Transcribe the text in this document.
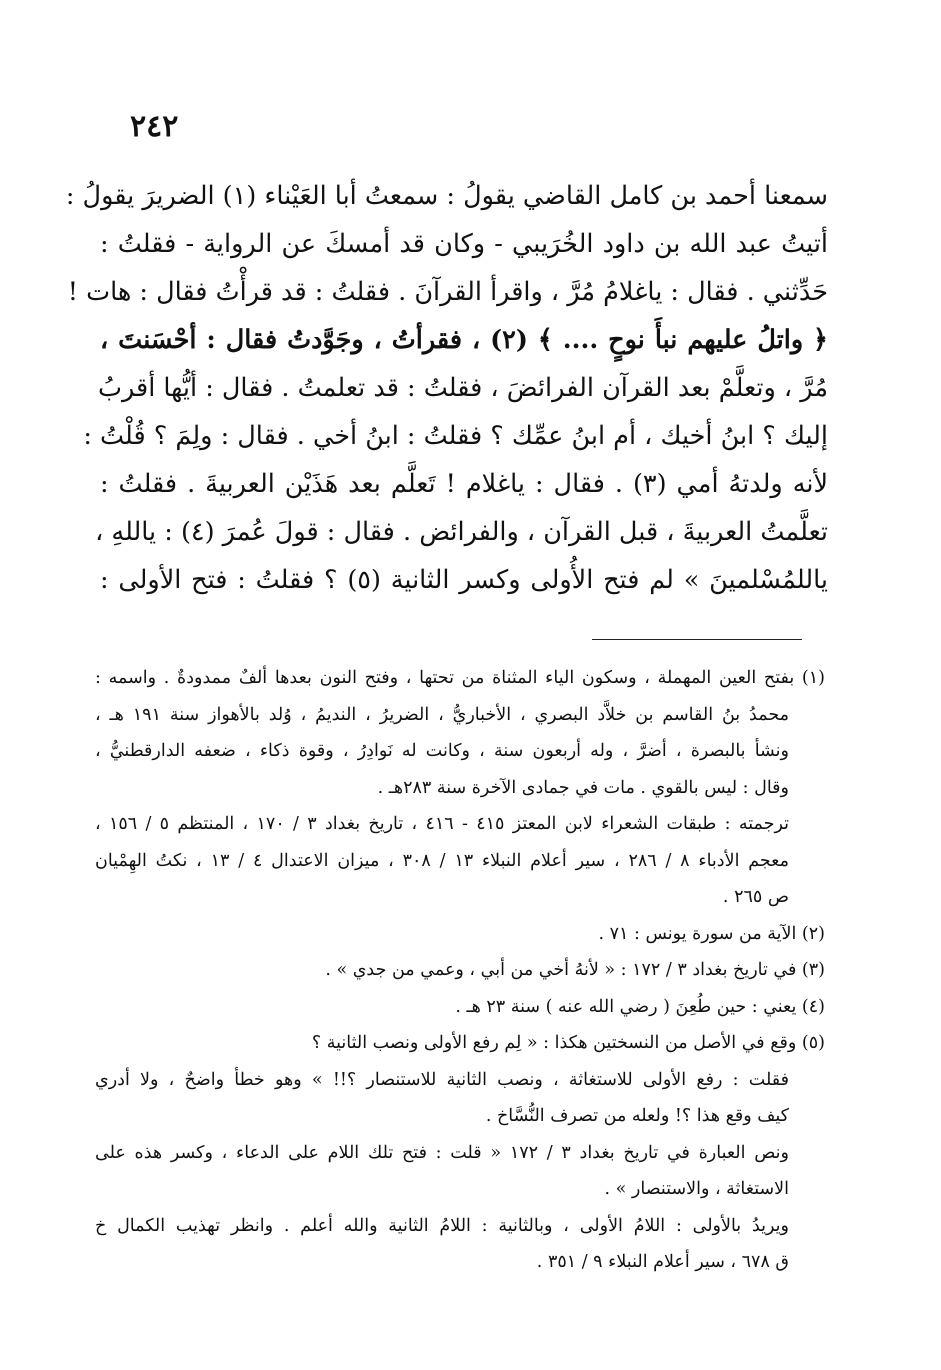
٢٤٢
سمعنا أحمد بن كامل القاضي يقولُ : سمعتُ أبا العَيْناء (١) الضريرَ يقولُ :
أتيتُ عبد الله بن داود الخُرَيبي - وكان قد أمسكَ عن الرواية - فقلتُ :
حَدِّثني . فقال : ياغلامُ مُرَّ ، واقرأ القرآنَ . فقلتُ : قد قرأْتُ فقال : هات !
﴿ واتلُ عليهم نبأَ نوحٍ .... ﴾ (٢) ، فقرأتُ ، وجَوَّدتُ فقال : أحْسَنتَ ،
مُرَّ ، وتعلَّمْ بعد القرآن الفرائضَ ، فقلتُ : قد تعلمتُ . فقال : أيُّها أقربُ
إليك ؟ ابنُ أخيك ، أم ابنُ عمِّك ؟ فقلتُ : ابنُ أخي . فقال : ولِمَ ؟ قُلْتُ :
لأنه ولدتهُ أمي (٣) . فقال : ياغلام ! تَعلَّم بعد هَذَيْن العربيةَ . فقلتُ :
تعلَّمتُ العربيةَ ، قبل القرآن ، والفرائض . فقال : قولَ عُمرَ (٤) : ياللهِ ،
ياللمُسْلمينَ » لم فتح الأُولى وكسر الثانية (٥) ؟ فقلتُ : فتح الأولى :
(١) بفتح العين المهملة ، وسكون الياء المثناة من تحتها ، وفتح النون بعدها ألفٌ ممدودةٌ . واسمه :
محمدُ بنُ القاسم بن خلاَّد البصري ، الأخباريُّ ، الضريرُ ، النديمُ ، وُلد بالأهواز سنة ١٩١ هـ ،
ونشأ بالبصرة ، أضرَّ ، وله أربعون سنة ، وكانت له نَوادِرُ ، وقوة ذكاء ، ضعفه الدارقطنيُّ ،
وقال : ليس بالقوي . مات في جمادى الآخرة سنة ٢٨٣هـ .
ترجمته : طبقات الشعراء لابن المعتز ٤١٥ - ٤١٦ ، تاريخ بغداد ٣ / ١٧٠ ، المنتظم ٥ / ١٥٦ ،
معجم الأدباء ٨ / ٢٨٦ ، سير أعلام النبلاء ١٣ / ٣٠٨ ، ميزان الاعتدال ٤ / ١٣ ، نكتُ الهِمْيان
ص ٢٦٥ .
(٢) الآية من سورة يونس : ٧١ .
(٣) في تاريخ بغداد ٣ / ١٧٢ : « لأنهُ أخي من أبي ، وعمي من جدي » .
(٤) يعني : حين طُعِنَ ( رضي الله عنه ) سنة ٢٣ هـ .
(٥) وقع في الأصل من النسختين هكذا : « لِم رفع الأولى ونصب الثانية ؟
فقلت : رفع الأولى للاستغاثة ، ونصب الثانية للاستنصار ؟!! » وهو خطأ واضحٌ ، ولا أدري
كيف وقع هذا ؟! ولعله من تصرف النُّسَّاخ .
ونص العبارة في تاريخ بغداد ٣ / ١٧٢ « قلت : فتح تلك اللام على الدعاء ، وكسر هذه على
الاستغاثة ، والاستنصار » .
ويريدُ بالأولى : اللامُ الأولى ، وبالثانية : اللامُ الثانية والله أعلم . وانظر تهذيب الكمال خ
ق ٦٧٨ ، سير أعلام النبلاء ٩ / ٣٥١ .
